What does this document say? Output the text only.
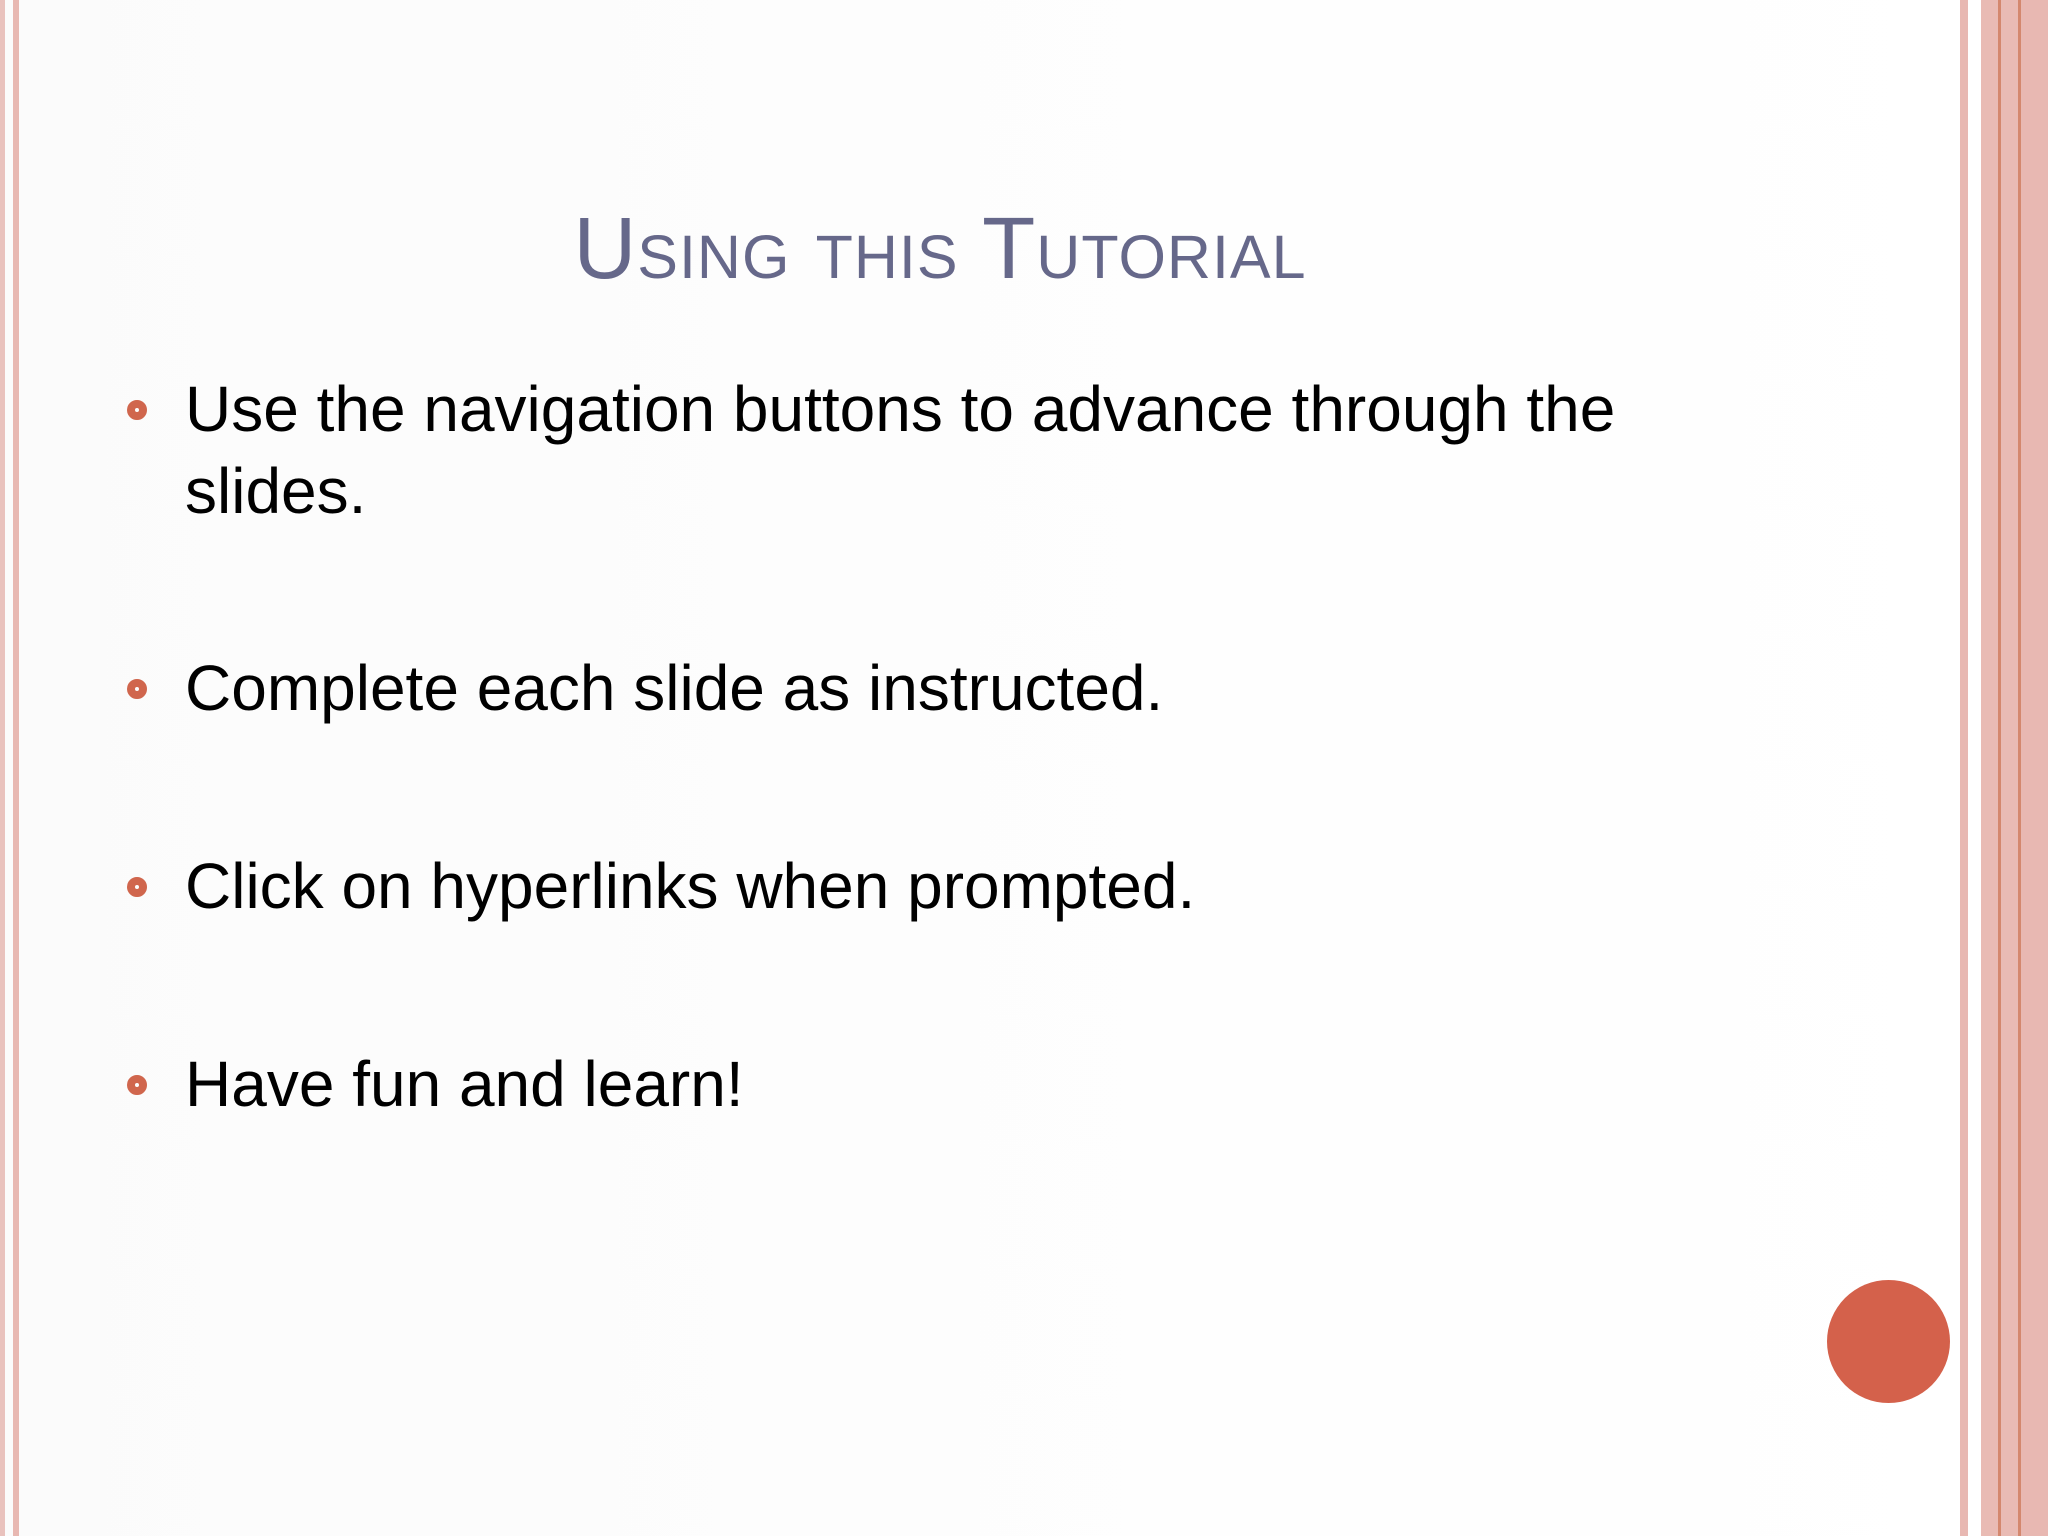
Using this Tutorial
Use the navigation buttons to advance through the slides.
Complete each slide as instructed.
Click on hyperlinks when prompted.
Have fun and learn!
